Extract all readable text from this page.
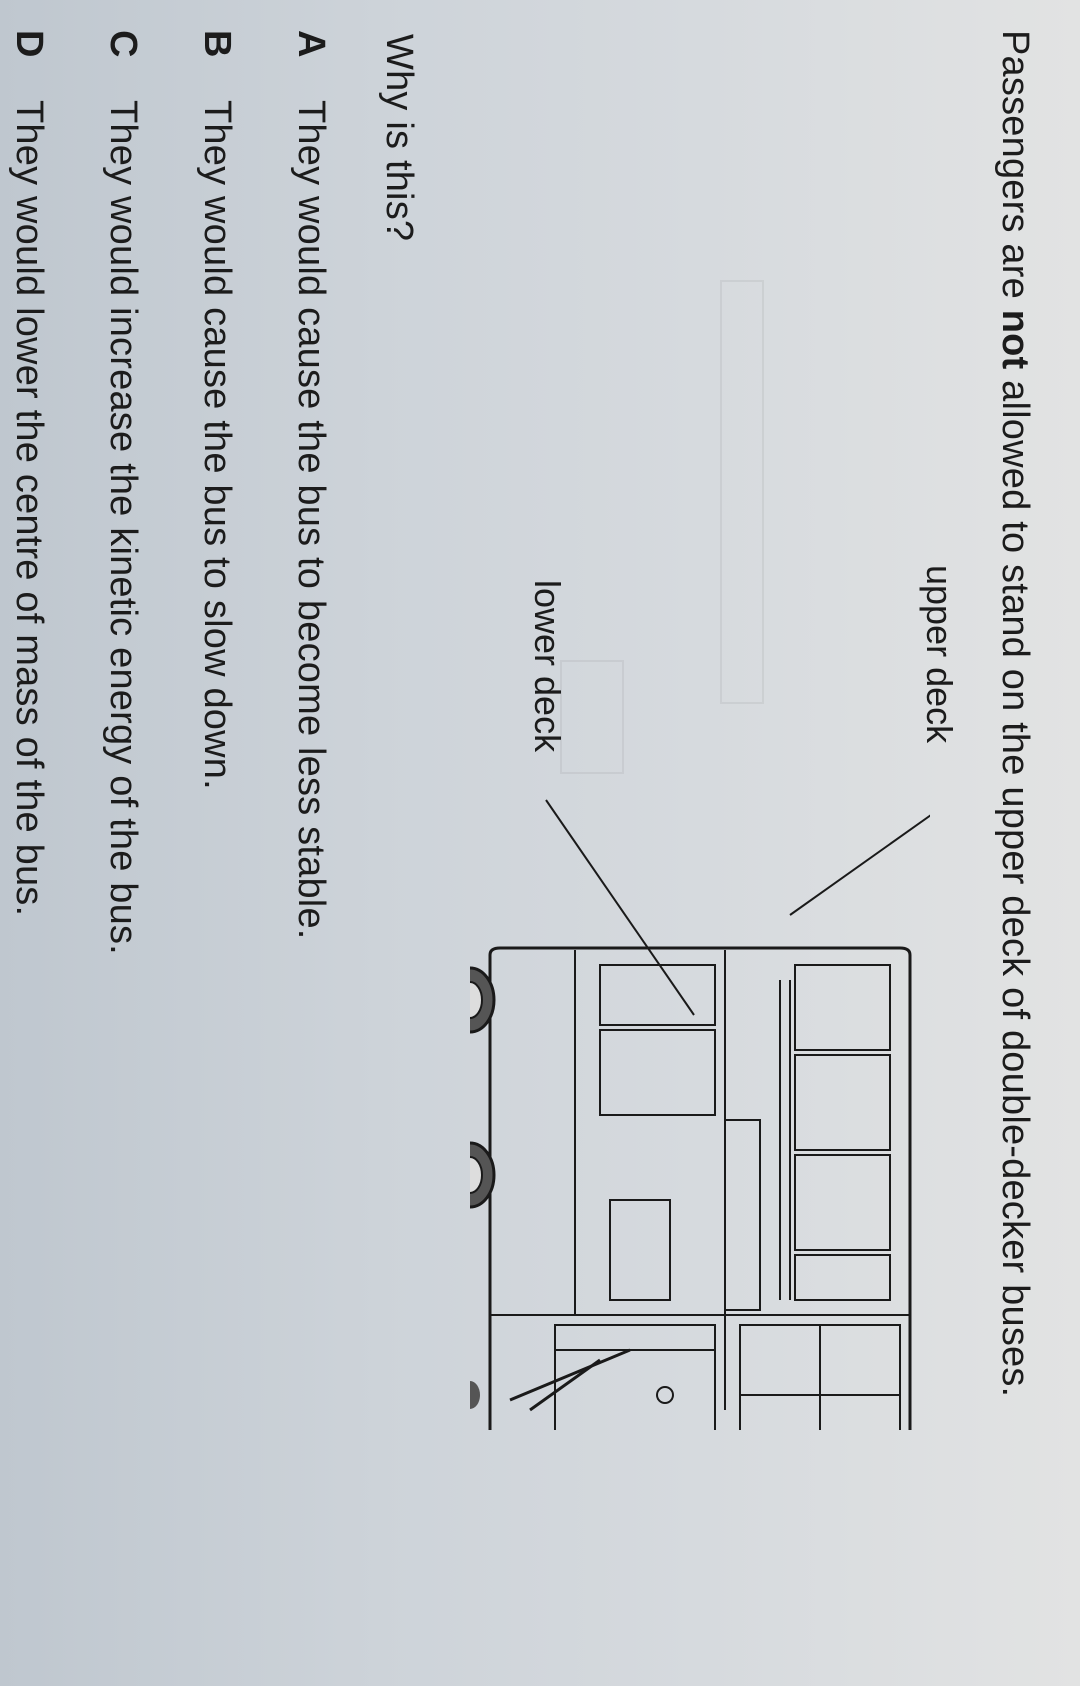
Passengers are not allowed to stand on the upper deck of double-decker buses.
upper deck
lower deck
Why is this?
A
They would cause the bus to become less stable.
B
They would cause the bus to slow down.
C
They would increase the kinetic energy of the bus.
D
They would lower the centre of mass of the bus.
